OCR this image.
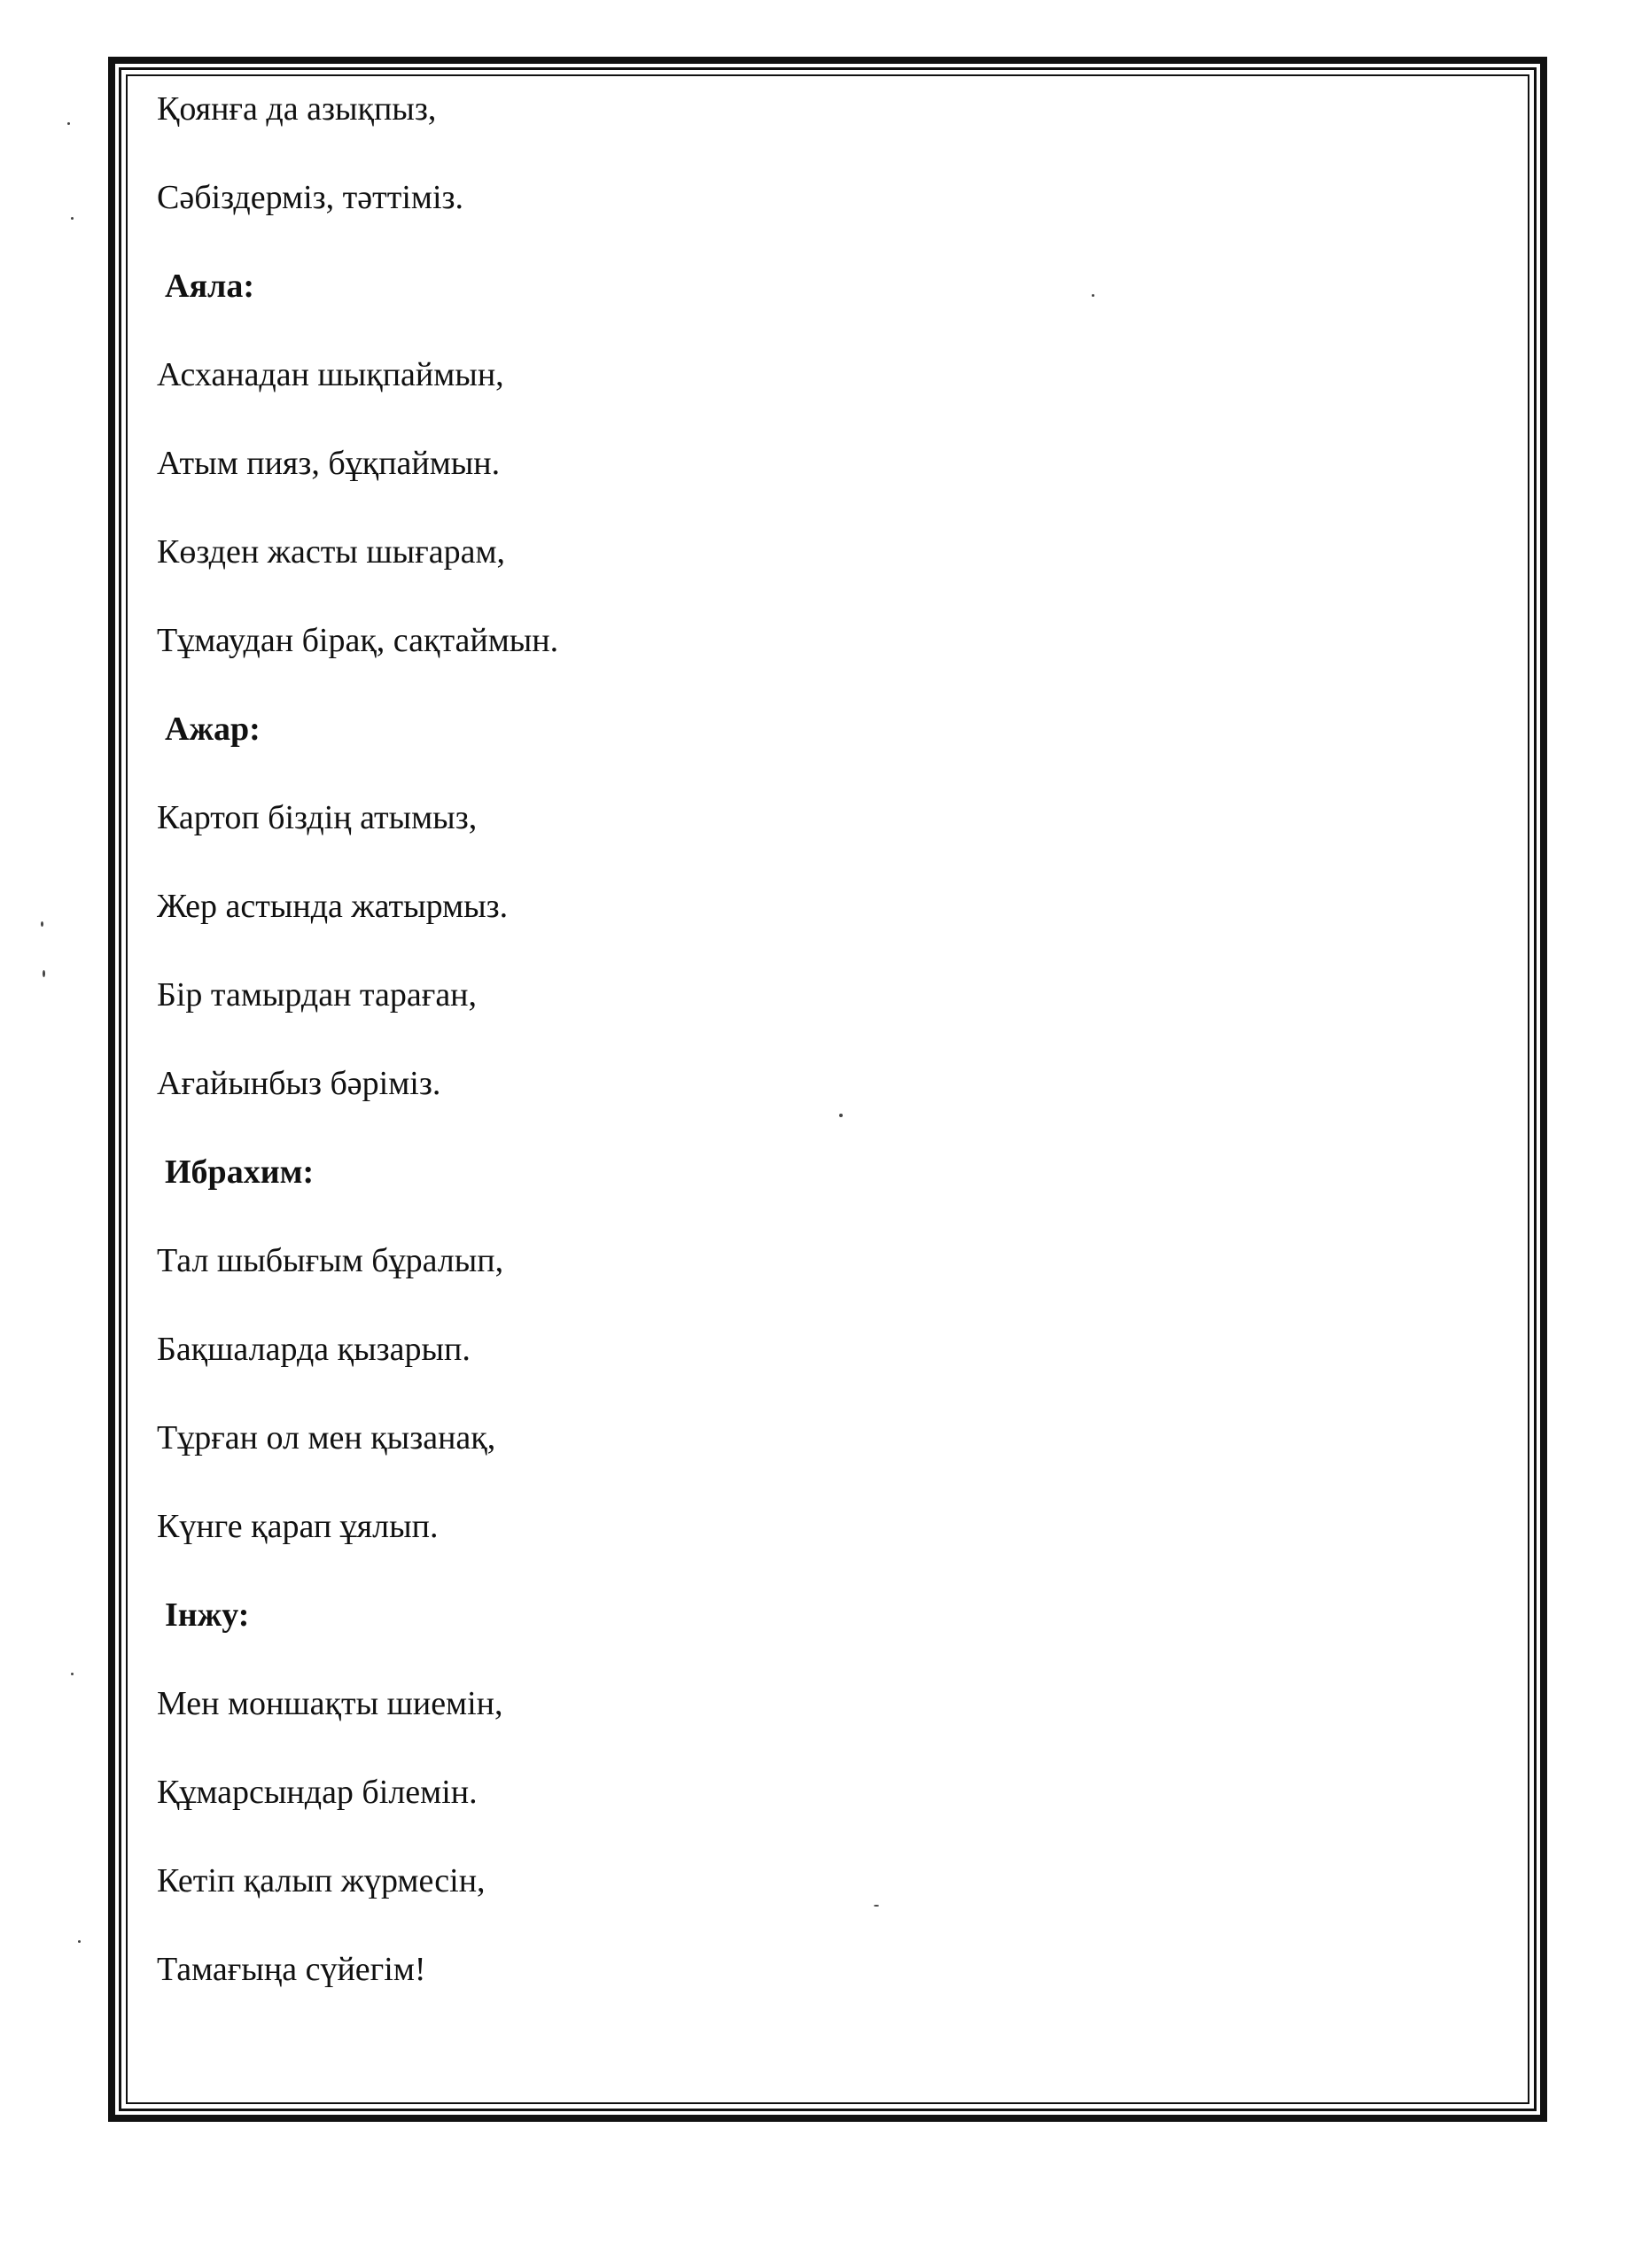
Қоянға да азықпыз,
Сәбіздерміз, тәттіміз.
Аяла:
Асханадан шықпаймын,
Атым пияз, бұқпаймын.
Көзден жасты шығарам,
Тұмаудан бірақ, сақтаймын.
Ажар:
Картоп біздің атымыз,
Жер астында жатырмыз.
Бір тамырдан тараған,
Ағайынбыз бәріміз.
Ибрахим:
Тал шыбығым бұралып,
Бақшаларда қызарып.
Тұрған ол мен қызанақ,
Күнге қарап ұялып.
Інжу:
Мен моншақты шиемін,
Құмарсындар білемін.
Кетіп қалып жүрмесін,
Тамағыңа сүйегім!
